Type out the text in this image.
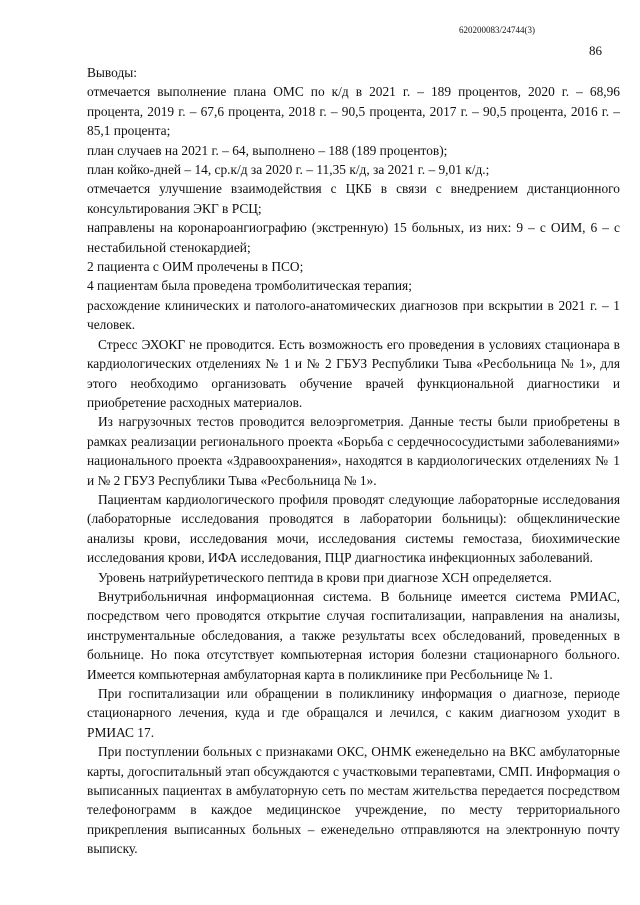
620200083/24744(3)
86

Выводы:

отмечается выполнение плана ОМС по к/д в 2021 г. – 189 процентов, 2020 г. – 68,96 процента, 2019 г. – 67,6 процента, 2018 г. – 90,5 процента, 2017 г. – 90,5 процента, 2016 г. – 85,1 процента;

план случаев на 2021 г. – 64, выполнено – 188 (189 процентов);

план койко-дней – 14, ср.к/д за 2020 г. – 11,35 к/д, за 2021 г. – 9,01 к/д.;

отмечается улучшение взаимодействия с ЦКБ в связи с внедрением дистанционного консультирования ЭКГ в РСЦ;

направлены на коронароангиографию (экстренную) 15 больных, из них: 9 – с ОИМ, 6 – с нестабильной стенокардией;

2 пациента с ОИМ пролечены в ПСО;

4 пациентам была проведена тромболитическая терапия;

расхождение клинических и патолого-анатомических диагнозов при вскрытии в 2021 г. – 1 человек.

Стресс ЭХОКГ не проводится. Есть возможность его проведения в условиях стационара в кардиологических отделениях № 1 и № 2 ГБУЗ Республики Тыва «Ресбольница № 1», для этого необходимо организовать обучение врачей функциональной диагностики и приобретение расходных материалов.

Из нагрузочных тестов проводится велоэргометрия. Данные тесты были приобретены в рамках реализации регионального проекта «Борьба с сердечнососудистыми заболеваниями» национального проекта «Здравоохранения», находятся в кардиологических отделениях № 1 и № 2 ГБУЗ Республики Тыва «Ресбольница № 1».

Пациентам кардиологического профиля проводят следующие лабораторные исследования (лабораторные исследования проводятся в лаборатории больницы): общеклинические анализы крови, исследования мочи, исследования системы гемостаза, биохимические исследования крови, ИФА исследования, ПЦР диагностика инфекционных заболеваний.

Уровень натрийуретического пептида в крови при диагнозе ХСН определяется.

Внутрибольничная информационная система. В больнице имеется система РМИАС, посредством чего проводятся открытие случая госпитализации, направления на анализы, инструментальные обследования, а также результаты всех обследований, проведенных в больнице. Но пока отсутствует компьютерная история болезни стационарного больного. Имеется компьютерная амбулаторная карта в поликлинике при Ресбольнице № 1.

При госпитализации или обращении в поликлинику информация о диагнозе, периоде стационарного лечения, куда и где обращался и лечился, с каким диагнозом уходит в РМИАС 17.

При поступлении больных с признаками ОКС, ОНМК еженедельно на ВКС амбулаторные карты, догоспитальный этап обсуждаются с участковыми терапевтами, СМП. Информация о выписанных пациентах в амбулаторную сеть по местам жительства передается посредством телефонограмм в каждое медицинское учреждение, по месту территориального прикрепления выписанных больных – еженедельно отправляются на электронную почту выписку.
